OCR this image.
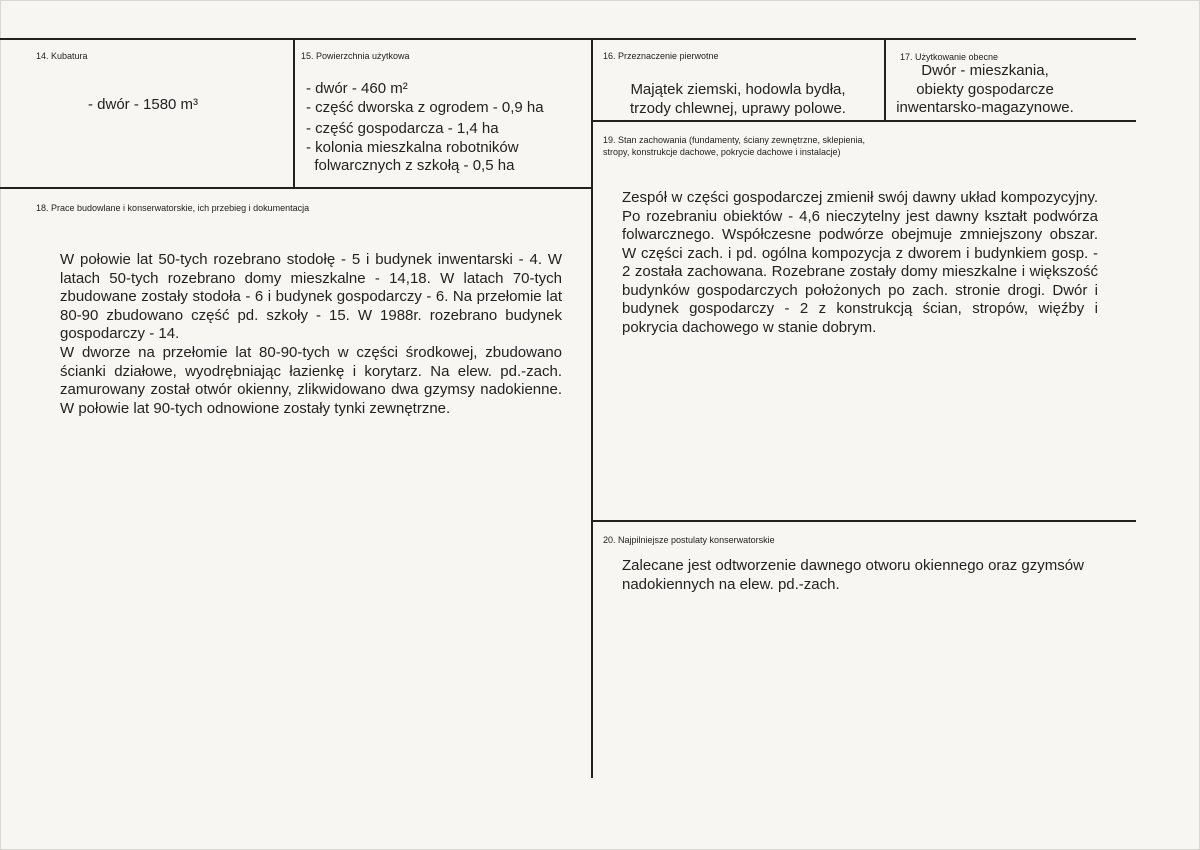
14. Kubatura
- dwór - 1580 m³
15. Powierzchnia użytkowa
- dwór - 460 m²
- część dworska z ogrodem - 0,9 ha
- część gospodarcza - 1,4 ha
- kolonia mieszkalna robotników
folwarcznych z szkołą - 0,5 ha
16. Przeznaczenie pierwotne
Majątek ziemski, hodowla bydła,
trzody chlewnej, uprawy polowe.
17. Użytkowanie obecne
Dwór - mieszkania,
obiekty gospodarcze
inwentarsko-magazynowe.
18. Prace budowlane i konserwatorskie, ich przebieg i dokumentacja
W połowie lat 50-tych rozebrano stodołę - 5 i budynek inwentarski - 4. W latach 50-tych rozebrano domy mieszkalne - 14,18. W latach 70-tych zbudowane zostały stodoła - 6 i budynek gospodarczy - 6. Na przełomie lat 80-90 zbudowano część pd. szkoły - 15. W 1988r. rozebrano budynek gospodarczy - 14.
W dworze na przełomie lat 80-90-tych w części środkowej, zbudowano ścianki działowe, wyodrębniając łazienkę i korytarz. Na elew. pd.-zach. zamurowany został otwór okienny, zlikwidowano dwa gzymsy nadokienne. W połowie lat 90-tych odnowione zostały tynki zewnętrzne.
19. Stan zachowania (fundamenty, ściany zewnętrzne, sklepienia,
stropy, konstrukcje dachowe, pokrycie dachowe i instalacje)
Zespół w części gospodarczej zmienił swój dawny układ kompozycyjny. Po rozebraniu obiektów - 4,6 nieczytelny jest dawny kształt podwórza folwarcznego. Współczesne podwórze obejmuje zmniejszony obszar. W części zach. i pd. ogólna kompozycja z dworem i budynkiem gosp. - 2 została zachowana. Rozebrane zostały domy mieszkalne i większość budynków gospodarczych położonych po zach. stronie drogi. Dwór i budynek gospodarczy - 2 z konstrukcją ścian, stropów, więźby i pokrycia dachowego w stanie dobrym.
20. Najpilniejsze postulaty konserwatorskie
Zalecane jest odtworzenie dawnego otworu okiennego oraz gzymsów nadokiennych na elew. pd.-zach.
